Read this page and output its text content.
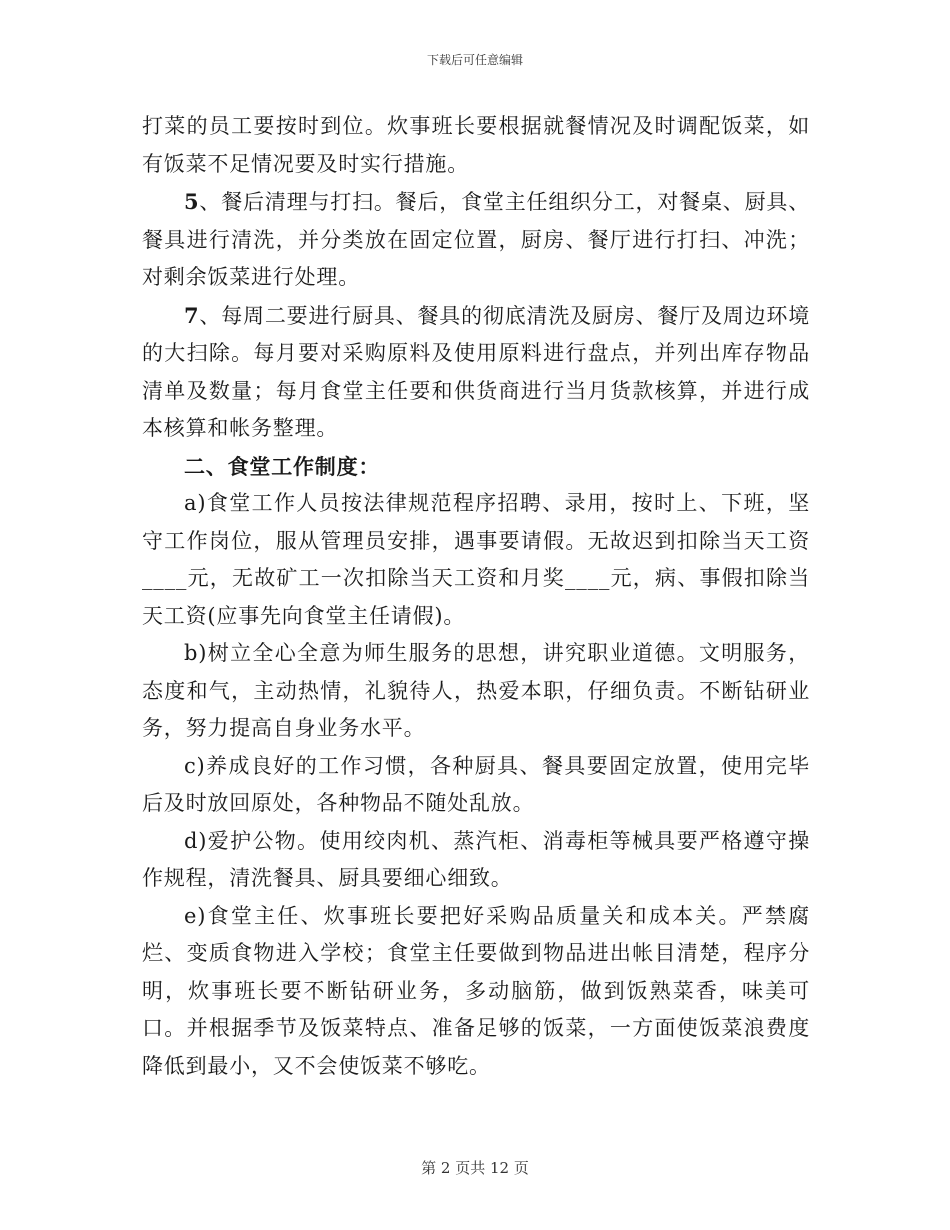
下载后可任意编辑

打菜的员工要按时到位。炊事班长要根据就餐情况及时调配饭菜，如有饭菜不足情况要及时实行措施。

5、餐后清理与打扫。餐后，食堂主任组织分工，对餐桌、厨具、餐具进行清洗，并分类放在固定位置，厨房、餐厅进行打扫、冲洗；对剩余饭菜进行处理。

7、每周二要进行厨具、餐具的彻底清洗及厨房、餐厅及周边环境的大扫除。每月要对采购原料及使用原料进行盘点，并列出库存物品清单及数量；每月食堂主任要和供货商进行当月货款核算，并进行成本核算和帐务整理。

二、食堂工作制度：

a)食堂工作人员按法律规范程序招聘、录用，按时上、下班，坚守工作岗位，服从管理员安排，遇事要请假。无故迟到扣除当天工资____元，无故矿工一次扣除当天工资和月奖____元，病、事假扣除当天工资(应事先向食堂主任请假)。

b)树立全心全意为师生服务的思想，讲究职业道德。文明服务，态度和气，主动热情，礼貌待人，热爱本职，仔细负责。不断钻研业务，努力提高自身业务水平。

c)养成良好的工作习惯，各种厨具、餐具要固定放置，使用完毕后及时放回原处，各种物品不随处乱放。

d)爱护公物。使用绞肉机、蒸汽柜、消毒柜等械具要严格遵守操作规程，清洗餐具、厨具要细心细致。

e)食堂主任、炊事班长要把好采购品质量关和成本关。严禁腐烂、变质食物进入学校；食堂主任要做到物品进出帐目清楚，程序分明，炊事班长要不断钻研业务，多动脑筋，做到饭熟菜香，味美可口。并根据季节及饭菜特点、准备足够的饭菜，一方面使饭菜浪费度降低到最小，又不会使饭菜不够吃。

第 2 页共 12 页
